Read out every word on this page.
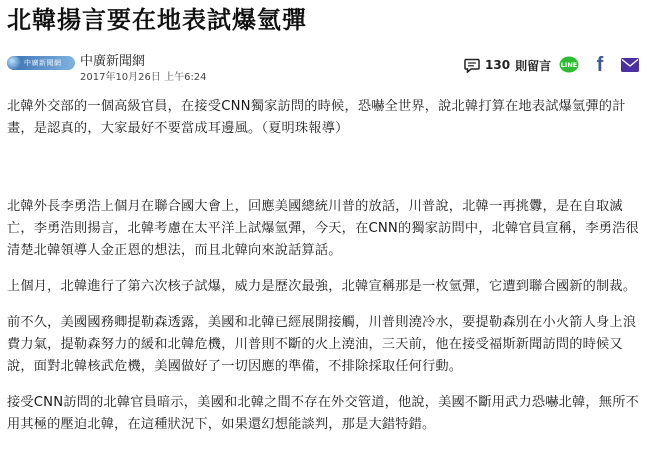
北韓揚言要在地表試爆氫彈
中廣新聞網 中廣新聞網
2017年10月26日 上午6:24
130 則留言 LINE f

北韓外交部的一個高級官員，在接受CNN獨家訪問的時候，恐嚇全世界，說北韓打算在地表試爆氫彈的計畫，是認真的，大家最好不要當成耳邊風。（夏明珠報導）

北韓外長李勇浩上個月在聯合國大會上，回應美國總統川普的放話，川普說，北韓一再挑釁，是在自取滅亡，李勇浩則揚言，北韓考慮在太平洋上試爆氫彈，今天，在CNN的獨家訪問中，北韓官員宣稱，李勇浩很清楚北韓領導人金正恩的想法，而且北韓向來說話算話。

上個月，北韓進行了第六次核子試爆，威力是歷次最強，北韓宣稱那是一枚氫彈，它遭到聯合國新的制裁。

前不久，美國國務卿提勒森透露，美國和北韓已經展開接觸，川普則澆冷水，要提勒森別在小火箭人身上浪費力氣，提勒森努力的緩和北韓危機，川普則不斷的火上澆油，三天前，他在接受福斯新聞訪問的時候又說，面對北韓核武危機，美國做好了一切因應的準備，不排除採取任何行動。

接受CNN訪問的北韓官員暗示，美國和北韓之間不存在外交管道，他說，美國不斷用武力恐嚇北韓，無所不用其極的壓迫北韓，在這種狀況下，如果還幻想能談判，那是大錯特錯。
